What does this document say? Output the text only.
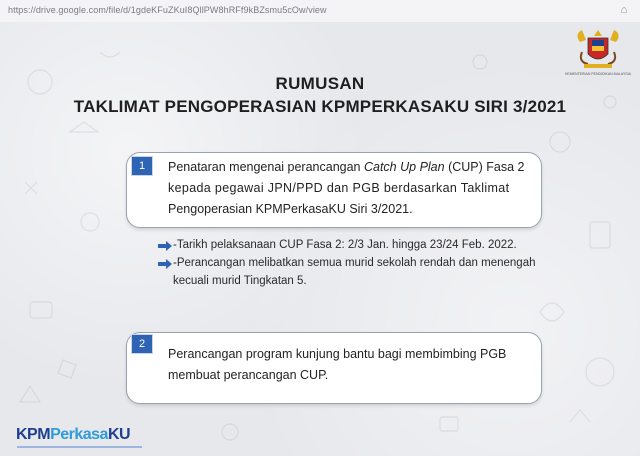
https://drive.google.com/file/d/1gdeKFuZKuI8QllPW8hRFf9kBZsmu5cOw/view	⌂
KEMENTERIAN PENDIDIKAN MALAYSIA
RUMUSAN
TAKLIMAT PENGOPERASIAN KPMPERKASAKU SIRI 3/2021
1	Penataran mengenai perancangan Catch Up Plan (CUP) Fasa 2
kepada pegawai JPN/PPD dan PGB berdasarkan Taklimat
Pengoperasian KPMPerkasaKU Siri 3/2021.
-Tarikh pelaksanaan CUP Fasa 2: 2/3 Jan. hingga 23/24 Feb. 2022.
-Perancangan melibatkan semua murid sekolah rendah dan menengah
kecuali murid Tingkatan 5.
2
Perancangan program kunjung bantu bagi membimbing PGB
membuat perancangan CUP.
KPMPerkasaKU
